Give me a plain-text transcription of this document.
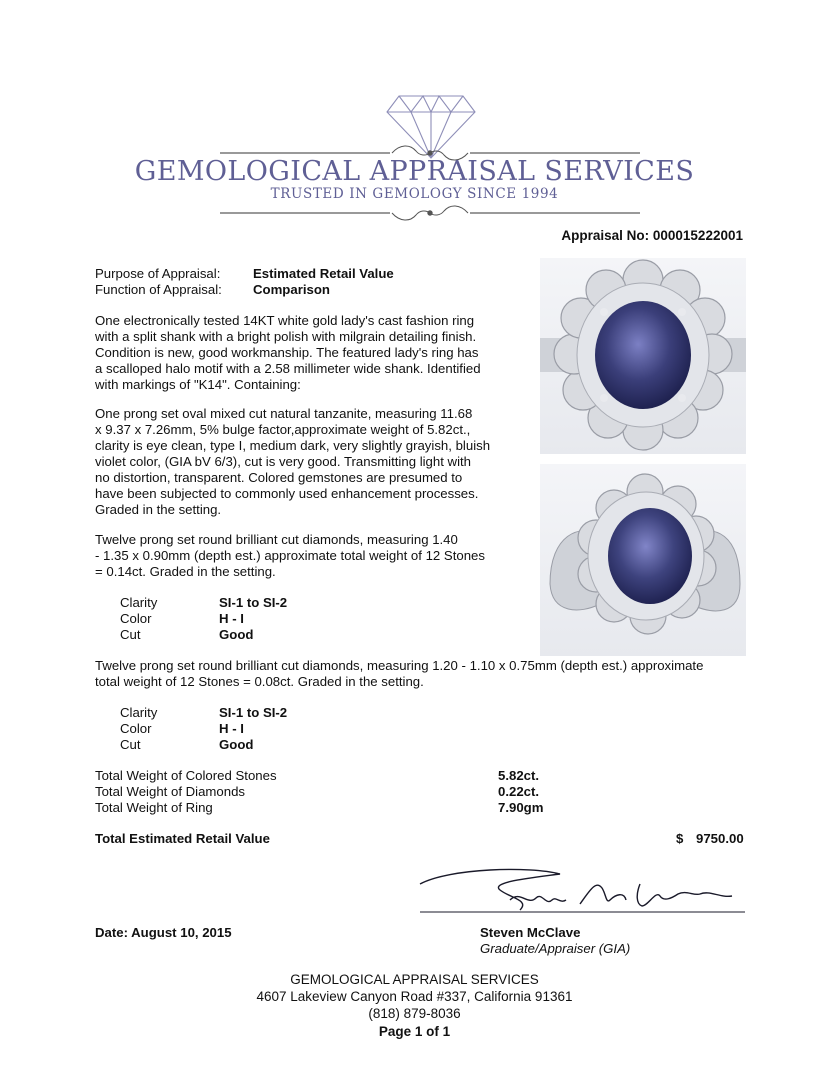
GEMOLOGICAL APPRAISAL SERVICES
TRUSTED IN GEMOLOGY SINCE 1994
Appraisal No: 000015222001
Purpose of Appraisal: Estimated Retail Value
Function of Appraisal: Comparison
One electronically tested 14KT white gold lady's cast fashion ring
with a split shank with a bright polish with milgrain detailing finish.
Condition is new, good workmanship. The featured lady's ring has
a scalloped halo motif with a 2.58 millimeter wide shank. Identified
with markings of "K14". Containing:
One prong set oval mixed cut natural tanzanite, measuring 11.68
x 9.37 x 7.26mm, 5% bulge factor,approximate weight of 5.82ct.,
clarity is eye clean, type I, medium dark, very slightly grayish, bluish
violet color, (GIA bV 6/3), cut is very good. Transmitting light with
no distortion, transparent. Colored gemstones are presumed to
have been subjected to commonly used enhancement processes.
Graded in the setting.
Twelve prong set round brilliant cut diamonds, measuring 1.40
- 1.35 x 0.90mm (depth est.) approximate total weight of 12 Stones
= 0.14ct. Graded in the setting.
Clarity	SI-1 to SI-2
Color	H - I
Cut	Good
Twelve prong set round brilliant cut diamonds, measuring 1.20 - 1.10 x 0.75mm (depth est.) approximate
total weight of 12 Stones = 0.08ct. Graded in the setting.
Clarity	SI-1 to SI-2
Color	H - I
Cut	Good
Total Weight of Colored Stones	5.82ct.
Total Weight of Diamonds	0.22ct.
Total Weight of Ring	7.90gm
Total Estimated Retail Value	$ 9750.00
Date: August 10, 2015	Steven McClave
Graduate/Appraiser (GIA)
GEMOLOGICAL APPRAISAL SERVICES
4607 Lakeview Canyon Road #337, California 91361
(818) 879-8036
Page 1 of 1
